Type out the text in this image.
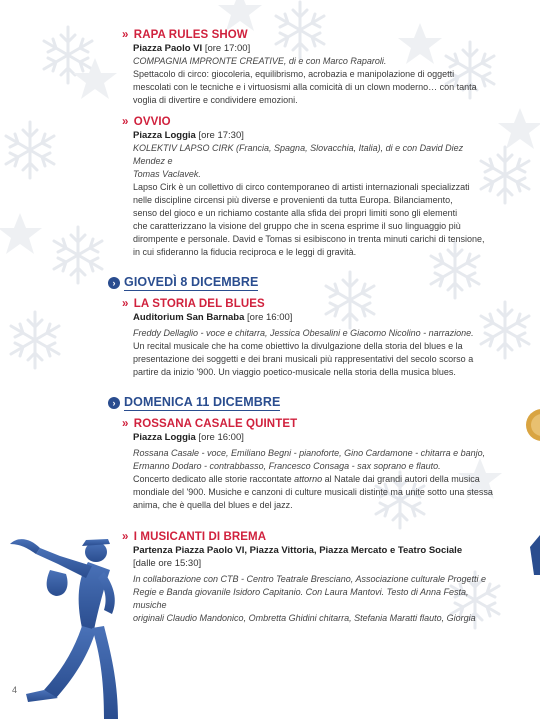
» RAPA RULES SHOW

Piazza Paolo VI [ore 17:00]
COMPAGNIA IMPRONTE CREATIVE, di e con Marco Raparoli.
Spettacolo di circo: giocoleria, equilibrismo, acrobazia e manipolazione di oggetti
mescolati con le tecniche e i virtuosismi alla comicità di un clown moderno… con tanta
voglia di divertire e condividere emozioni.

» OVVIO

Piazza Loggia [ore 17:30]
KOLEKTIV LAPSO CIRK (Francia, Spagna, Slovacchia, Italia), di e con David Diez Mendez e
Tomas Vaclavek.
Lapso Cirk è un collettivo di circo contemporaneo di artisti internazionali specializzati
nelle discipline circensi più diverse e provenienti da tutta Europa. Bilanciamento,
senso del gioco e un richiamo costante alla sfida dei propri limiti sono gli elementi
che caratterizzano la visione del gruppo che in scena esprime il suo linguaggio più
dirompente e personale. David e Tomas si esibiscono in trenta minuti carichi di tensione,
in cui sfideranno la fiducia reciproca e le leggi di gravità.
› GIOVEDÌ 8 DICEMBRE

» LA STORIA DEL BLUES

Auditorium San Barnaba [ore 16:00]
Freddy Dellaglio - voce e chitarra, Jessica Obesalini e Giacomo Nicolino - narrazione.
Un recital musicale che ha come obiettivo la divulgazione della storia del blues e la
presentazione dei soggetti e dei brani musicali più rappresentativi del secolo scorso a
partire da inizio '900. Un viaggio poetico-musicale nella storia della musica blues.
› DOMENICA 11 DICEMBRE

» ROSSANA CASALE QUINTET

Piazza Loggia [ore 16:00]
Rossana Casale - voce, Emiliano Begni - pianoforte, Gino Cardamone - chitarra e banjo,
Ermanno Dodaro - contrabbasso, Francesco Consaga - sax soprano e flauto.
Concerto dedicato alle storie raccontate attorno al Natale dai grandi autori della musica
mondiale del '900. Musiche e canzoni di culture musicali distinte ma unite sotto una stessa
anima, che è quella del blues e del jazz.

» I MUSICANTI DI BREMA

Partenza Piazza Paolo VI, Piazza Vittoria, Piazza Mercato e Teatro Sociale
[dalle ore 15:30]
In collaborazione con CTB - Centro Teatrale Bresciano, Associazione culturale Progetti e
Regie e Banda giovanile Isidoro Capitanio. Con Laura Mantovi. Testo di Anna Festa, musiche
originali Claudio Mandonico, Ombretta Ghidini chitarra, Stefania Maratti flauto, Giorgia
4
